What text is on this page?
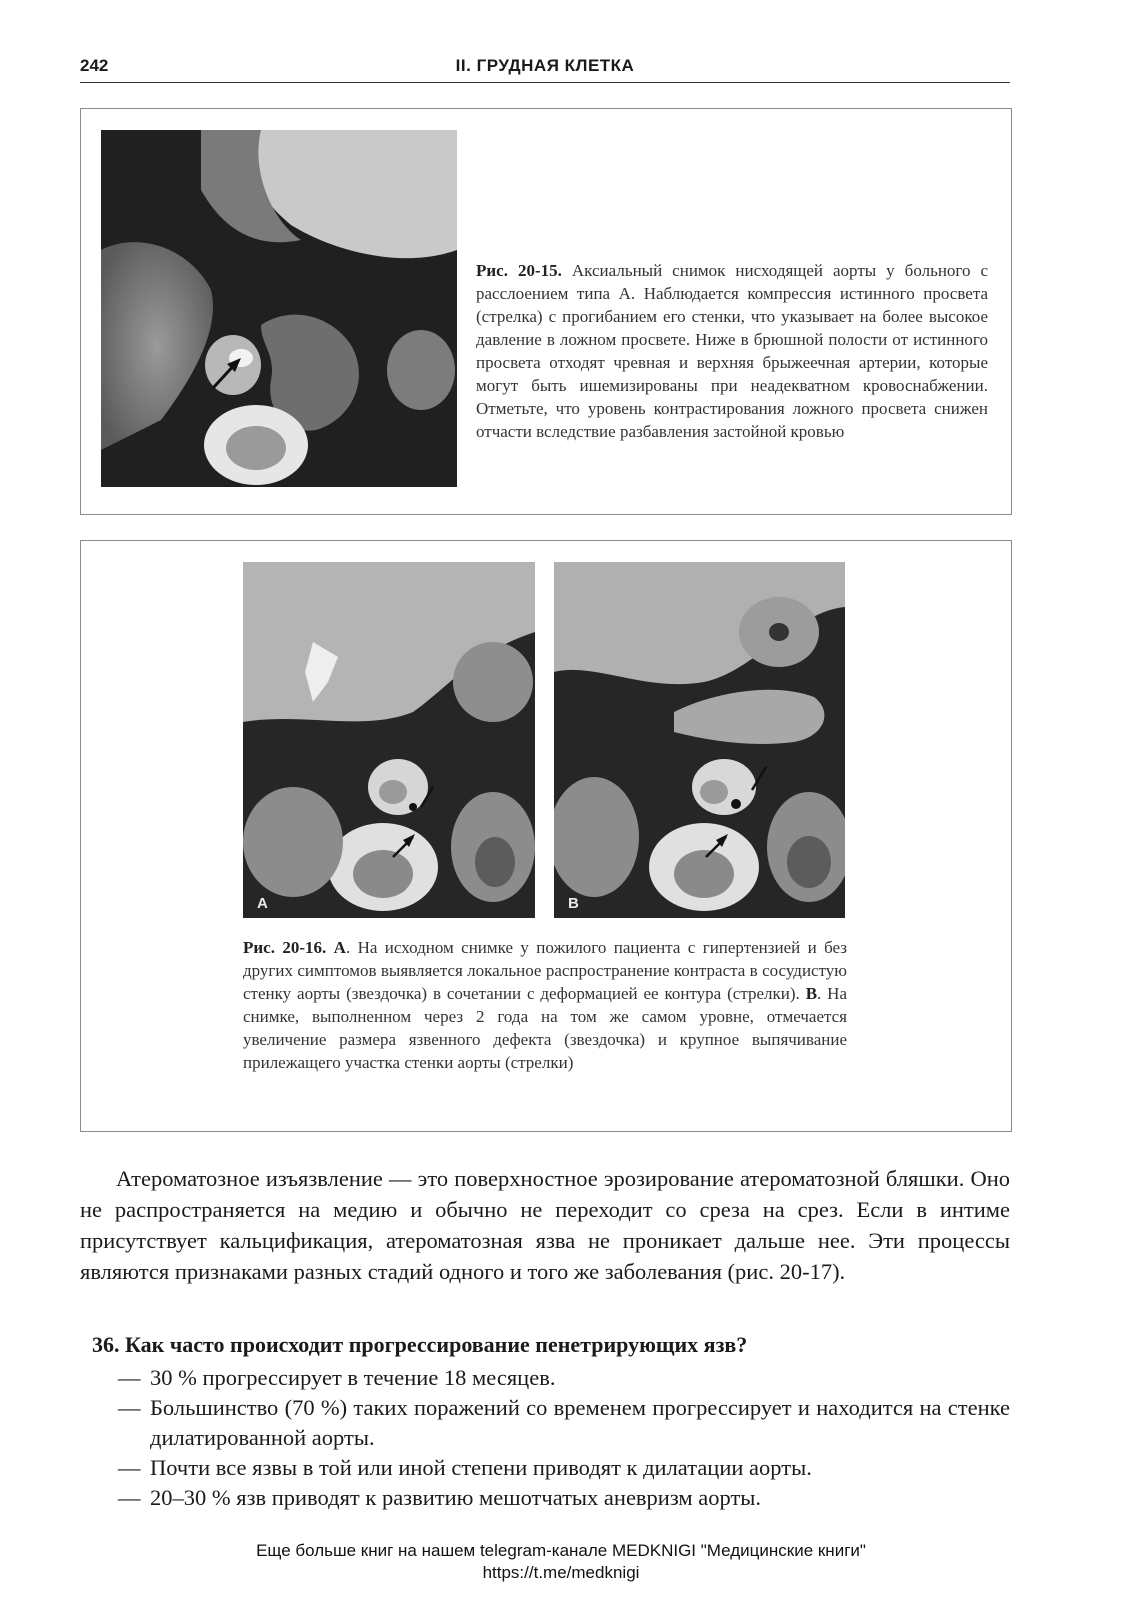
242	II. ГРУДНАЯ КЛЕТКА
Рис. 20-15. Аксиальный снимок нисходящей аорты у больного с расслоением типа А. Наблюдается компрессия истинного просвета (стрелка) с прогибанием его стенки, что указывает на более высокое давление в ложном просвете. Ниже в брюшной полости от истинного просвета отходят чревная и верхняя брыжеечная артерии, которые могут быть ишемизированы при неадекватном кровоснабжении. Отметьте, что уровень контрастирования ложного просвета снижен отчасти вследствие разбавления застойной кровью
A	B
Рис. 20-16. А. На исходном снимке у пожилого пациента с гипертензией и без других симптомов выявляется локальное распространение контраста в сосудистую стенку аорты (звездочка) в сочетании с деформацией ее контура (стрелки). В. На снимке, выполненном через 2 года на том же самом уровне, отмечается увеличение размера язвенного дефекта (звездочка) и крупное выпячивание прилежащего участка стенки аорты (стрелки)

Атероматозное изъязвление — это поверхностное эрозирование атероматозной бляшки. Оно не распространяется на медию и обычно не переходит со среза на срез. Если в интиме присутствует кальцификация, атероматозная язва не проникает дальше нее. Эти процессы являются признаками разных стадий одного и того же заболевания (рис. 20-17).

36. Как часто происходит прогрессирование пенетрирующих язв?
— 30 % прогрессирует в течение 18 месяцев.
— Большинство (70 %) таких поражений со временем прогрессирует и находится на стенке дилатированной аорты.
— Почти все язвы в той или иной степени приводят к дилатации аорты.
— 20–30 % язв приводят к развитию мешотчатых аневризм аорты.
Еще больше книг на нашем telegram-канале MEDKNIGI "Медицинские книги"
https://t.me/medknigi
